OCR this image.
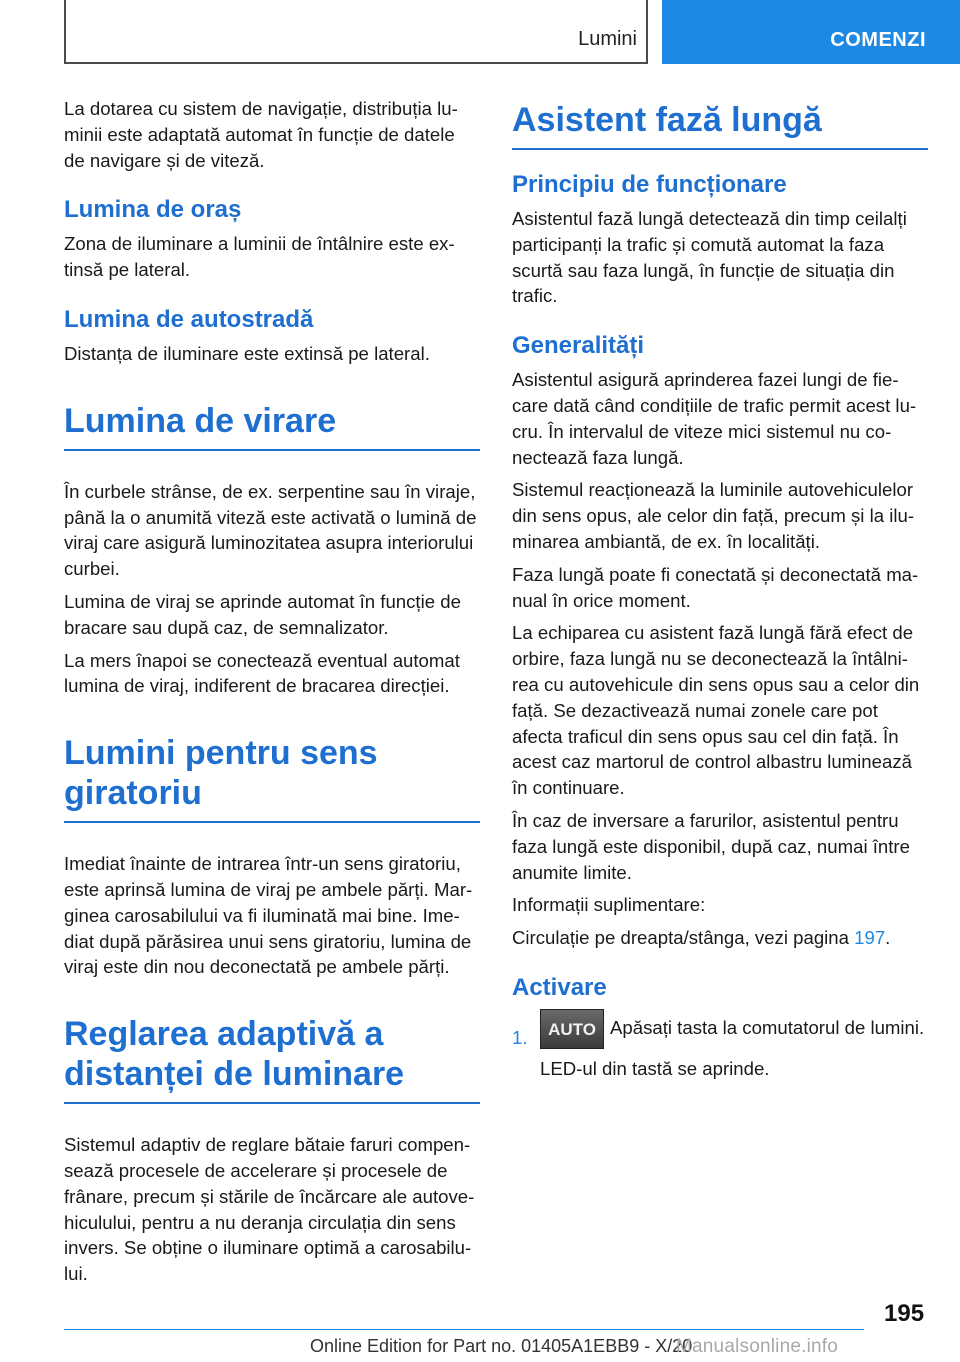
Lumini	COMENZI

La dotarea cu sistem de navigație, distribuția luminii este adaptată automat în funcție de datele de navigare și de viteză.

Lumina de oraș

Zona de iluminare a luminii de întâlnire este extinsă pe lateral.

Lumina de autostradă

Distanța de iluminare este extinsă pe lateral.

Lumina de virare

În curbele strânse, de ex. serpentine sau în viraje, până la o anumită viteză este activată o lumină de viraj care asigură luminozitatea asupra interiorului curbei.

Lumina de viraj se aprinde automat în funcție de bracare sau după caz, de semnalizator.

La mers înapoi se conectează eventual automat lumina de viraj, indiferent de bracarea direcției.

Lumini pentru sens giratoriu

Imediat înainte de intrarea într-un sens giratoriu, este aprinsă lumina de viraj pe ambele părți. Marginea carosabilului va fi iluminată mai bine. Imediat după părăsirea unui sens giratoriu, lumina de viraj este din nou deconectată pe ambele părți.

Reglarea adaptivă a distanței de luminare

Sistemul adaptiv de reglare bătaie faruri compensează procesele de accelerare și procesele de frânare, precum și stările de încărcare ale autovehiculului, pentru a nu deranja circulația din sens invers. Se obține o iluminare optimă a carosabilului.

Asistent fază lungă
Principiu de funcționare

Asistentul fază lungă detectează din timp ceilalți participanți la trafic și comută automat la faza scurtă sau faza lungă, în funcție de situația din trafic.

Generalități

Asistentul asigură aprinderea fazei lungi de fiecare dată când condițiile de trafic permit acest lucru. În intervalul de viteze mici sistemul nu conectează faza lungă.

Sistemul reacționează la luminile autovehiculelor din sens opus, ale celor din față, precum și la iluminarea ambiantă, de ex. în localități.

Faza lungă poate fi conectată și deconectată manual în orice moment.

La echiparea cu asistent fază lungă fără efect de orbire, faza lungă nu se deconectează la întâlnirea cu autovehicule din sens opus sau a celor din față. Se dezactivează numai zonele care pot afecta traficul din sens opus sau cel din față. În acest caz martorul de control albastru luminează în continuare.

În caz de inversare a farurilor, asistentul pentru faza lungă este disponibil, după caz, numai între anumite limite.

Informații suplimentare:

Circulație pe dreapta/stânga, vezi pagina 197.

Activare
1.	AUTO Apăsați tasta la comutatorul de lumini.

LED-ul din tastă se aprinde.

195
Online Edition for Part no. 01405A1EBB9 - X/20
Manualsonline.info
